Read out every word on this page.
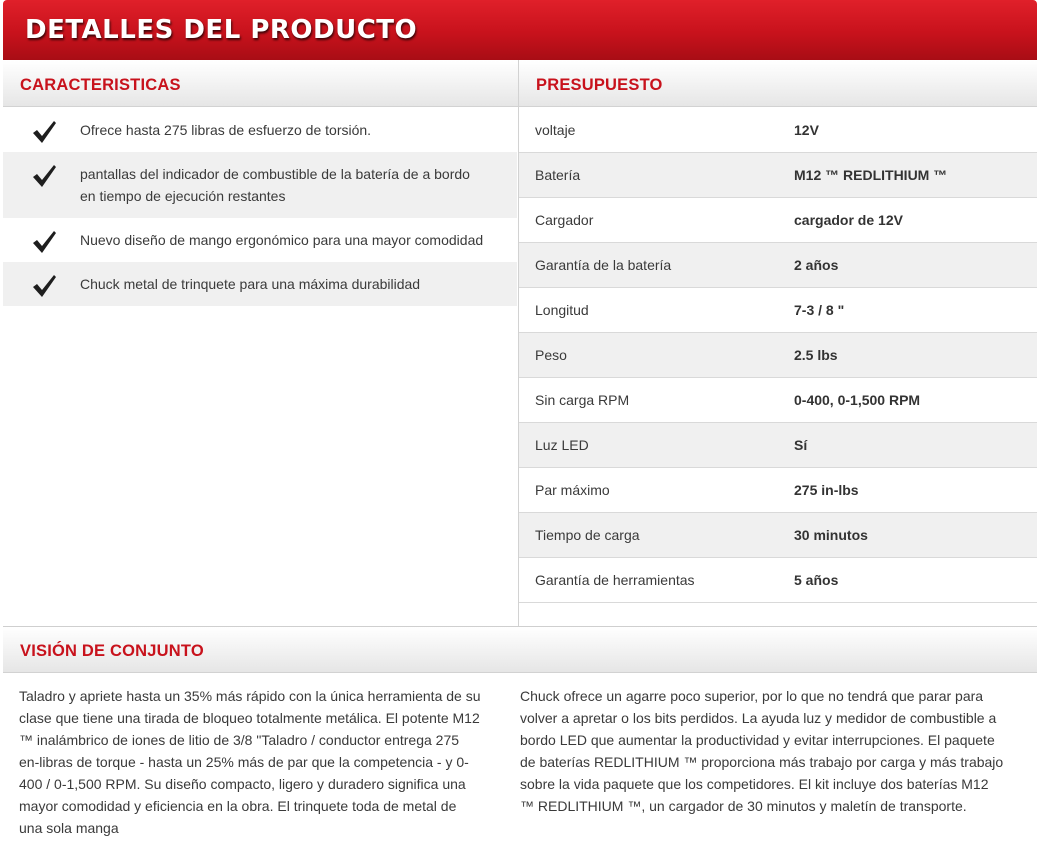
DETALLES DEL PRODUCTO
CARACTERISTICAS	PRESUPUESTO
Ofrece hasta 275 libras de esfuerzo de torsión.
pantallas del indicador de combustible de la batería de a bordo
en tiempo de ejecución restantes
Nuevo diseño de mango ergonómico para una mayor comodidad
Chuck metal de trinquete para una máxima durabilidad
voltaje	12V
Batería	M12 ™ REDLITHIUM ™
Cargador	cargador de 12V
Garantía de la batería	2 años
Longitud	7-3 / 8 "
Peso	2.5 lbs
Sin carga RPM	0-400, 0-1,500 RPM
Luz LED	Sí
Par máximo	275 in-lbs
Tiempo de carga	30 minutos
Garantía de herramientas	5 años
VISIÓN DE CONJUNTO
Taladro y apriete hasta un 35% más rápido con la única herramienta de su
clase que tiene una tirada de bloqueo totalmente metálica. El potente M12
™ inalámbrico de iones de litio de 3/8 "Taladro / conductor entrega 275
en-libras de torque - hasta un 25% más de par que la competencia - y 0-
400 / 0-1,500 RPM. Su diseño compacto, ligero y duradero significa una
mayor comodidad y eficiencia en la obra. El trinquete toda de metal de
una sola manga
Chuck ofrece un agarre poco superior, por lo que no tendrá que parar para
volver a apretar o los bits perdidos. La ayuda luz y medidor de combustible a
bordo LED que aumentar la productividad y evitar interrupciones. El paquete
de baterías REDLITHIUM ™ proporciona más trabajo por carga y más trabajo
sobre la vida paquete que los competidores. El kit incluye dos baterías M12
™ REDLITHIUM ™, un cargador de 30 minutos y maletín de transporte.
